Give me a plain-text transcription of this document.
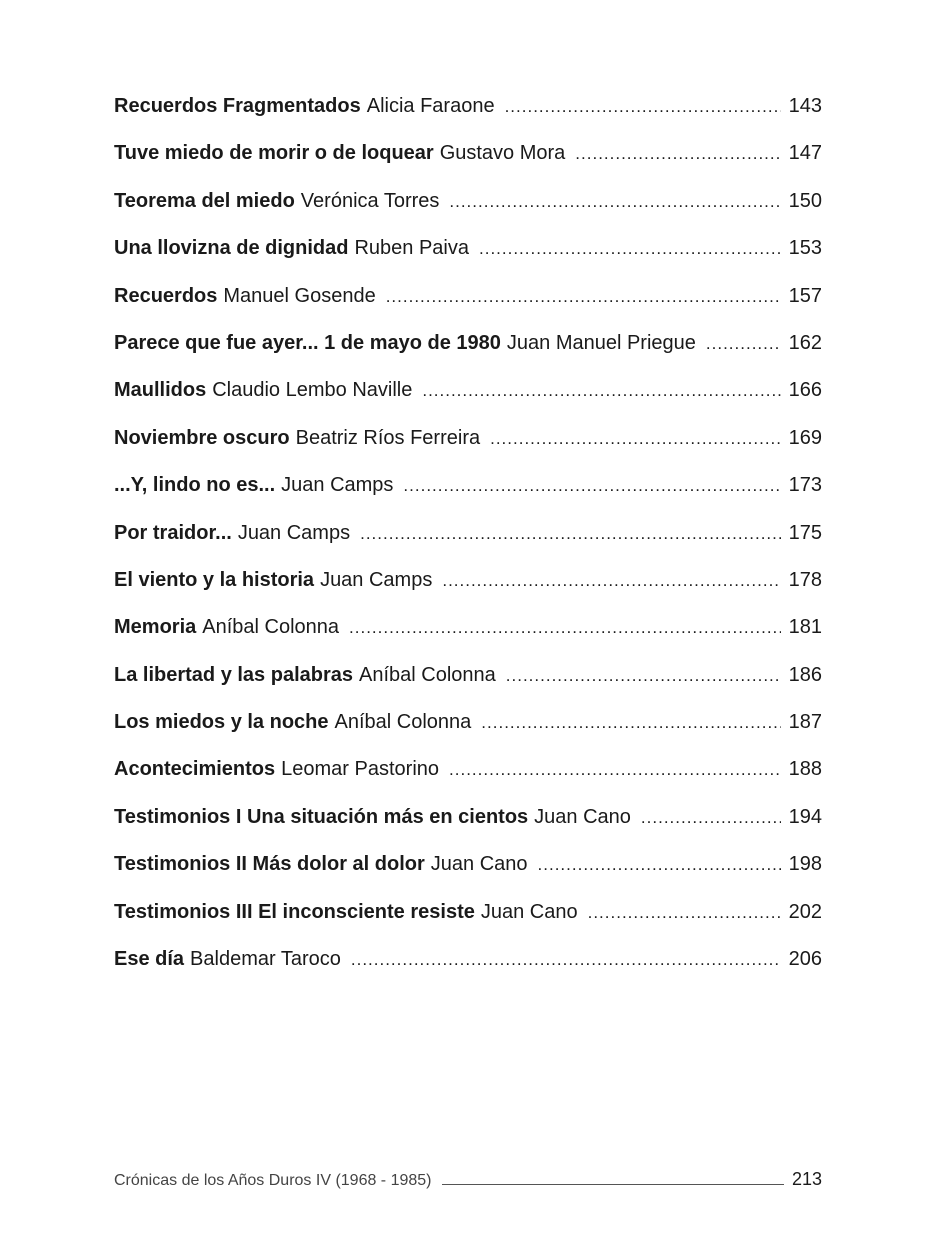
Recuerdos Fragmentados Alicia Faraone .....	143
Tuve miedo de morir o de loquear Gustavo Mora .....	147
Teorema del miedo Verónica Torres .....	150
Una llovizna de dignidad Ruben Paiva .....	153
Recuerdos Manuel Gosende .....	157
Parece que fue ayer... 1 de mayo de 1980 Juan Manuel Priegue .....	162
Maullidos Claudio Lembo Naville .....	166
Noviembre oscuro Beatriz Ríos Ferreira .....	169
...Y, lindo no es... Juan Camps .....	173
Por traidor... Juan Camps .....	175
El viento y la historia Juan Camps .....	178
Memoria Aníbal Colonna .....	181
La libertad y las palabras Aníbal Colonna .....	186
Los miedos y la noche Aníbal Colonna .....	187
Acontecimientos Leomar Pastorino .....	188
Testimonios I Una situación más en cientos Juan Cano .....	194
Testimonios II Más dolor al dolor Juan Cano .....	198
Testimonios III El inconsciente resiste Juan Cano .....	202
Ese día Baldemar Taroco .....	206
Crónicas de los Años Duros IV (1968 - 1985)	213
